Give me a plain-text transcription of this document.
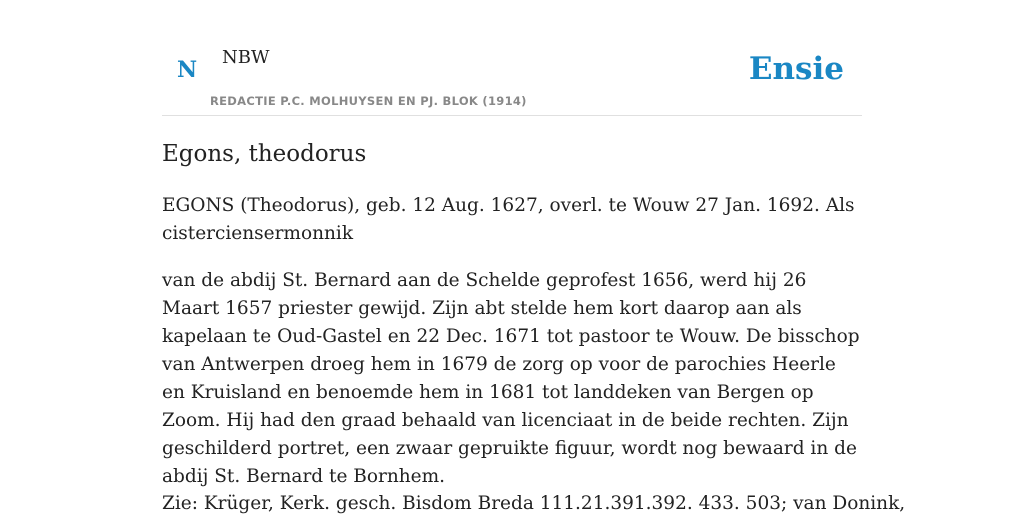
N NBW
REDACTIE P.C. MOLHUYSEN EN PJ. BLOK (1914)
Ensie
Egons, theodorus

EGONS (Theodorus), geb. 12 Aug. 1627, overl. te Wouw 27 Jan. 1692. Als cisterciensermonnik

van de abdij St. Bernard aan de Schelde geprofest 1656, werd hij 26 Maart 1657 priester gewijd. Zijn abt stelde hem kort daarop aan als kapelaan te Oud-Gastel en 22 Dec. 1671 tot pastoor te Wouw. De bisschop van Antwerpen droeg hem in 1679 de zorg op voor de parochies Heerle en Kruisland en benoemde hem in 1681 tot landdeken van Bergen op Zoom. Hij had den graad behaald van licenciaat in de beide rechten. Zijn geschilderd portret, een zwaar gepruikte figuur, wordt nog bewaard in de abdij St. Bernard te Bornhem.

Zie: Krüger, Kerk. gesch. Bisdom Breda 111.21.391.392. 433. 503; van Donink,
